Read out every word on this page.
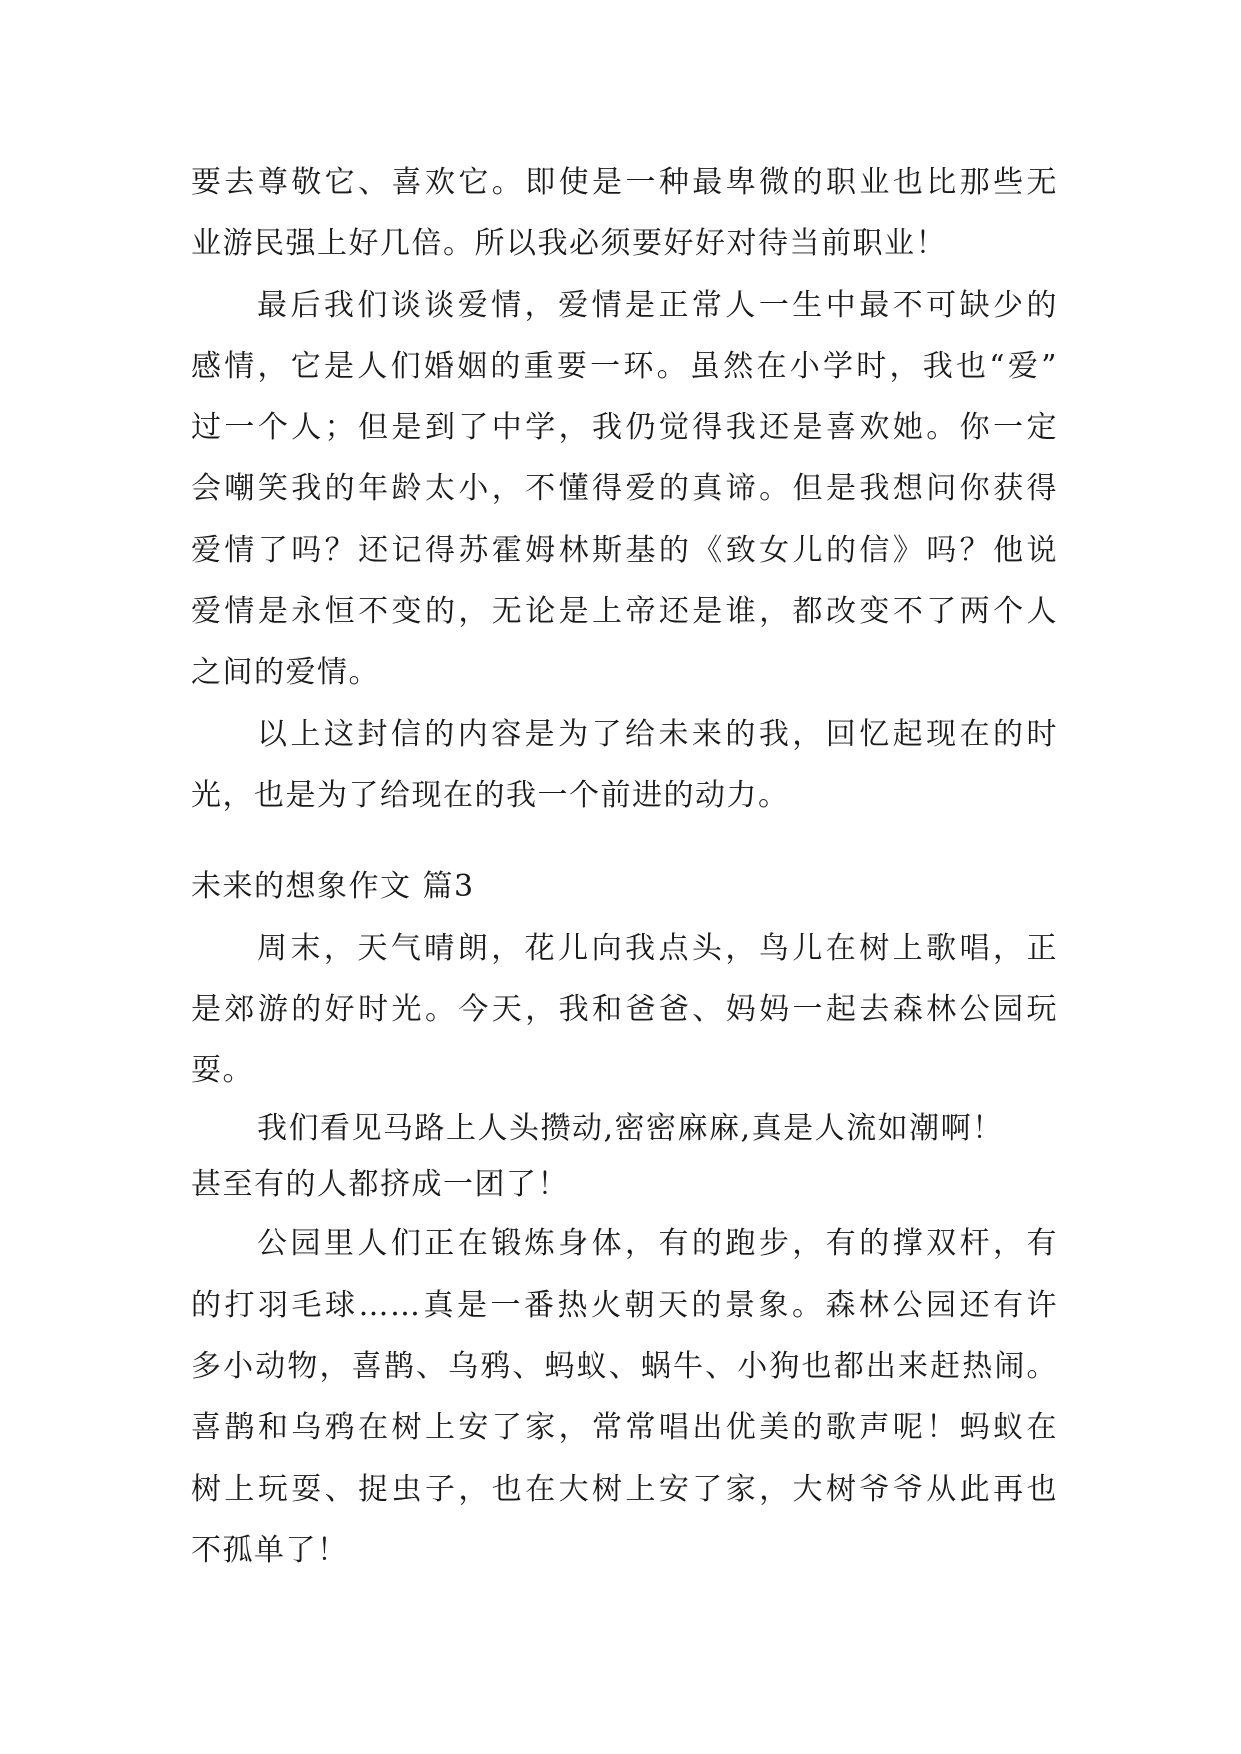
要去尊敬它、喜欢它。即使是一种最卑微的职业也比那些无
业游民强上好几倍。所以我必须要好好对待当前职业！
最后我们谈谈爱情，爱情是正常人一生中最不可缺少的
感情，它是人们婚姻的重要一环。虽然在小学时，我也“爱”
过一个人；但是到了中学，我仍觉得我还是喜欢她。你一定
会嘲笑我的年龄太小，不懂得爱的真谛。但是我想问你获得
爱情了吗？还记得苏霍姆林斯基的《致女儿的信》吗？他说
爱情是永恒不变的，无论是上帝还是谁，都改变不了两个人
之间的爱情。
以上这封信的内容是为了给未来的我，回忆起现在的时
光，也是为了给现在的我一个前进的动力。
未来的想象作文 篇3
周末，天气晴朗，花儿向我点头，鸟儿在树上歌唱，正
是郊游的好时光。今天，我和爸爸、妈妈一起去森林公园玩
耍。
我们看见马路上人头攒动,密密麻麻,真是人流如潮啊！
甚至有的人都挤成一团了！
公园里人们正在锻炼身体，有的跑步，有的撑双杆，有
的打羽毛球……真是一番热火朝天的景象。森林公园还有许
多小动物，喜鹊、乌鸦、蚂蚁、蜗牛、小狗也都出来赶热闹。
喜鹊和乌鸦在树上安了家，常常唱出优美的歌声呢！蚂蚁在
树上玩耍、捉虫子，也在大树上安了家，大树爷爷从此再也
不孤单了！
